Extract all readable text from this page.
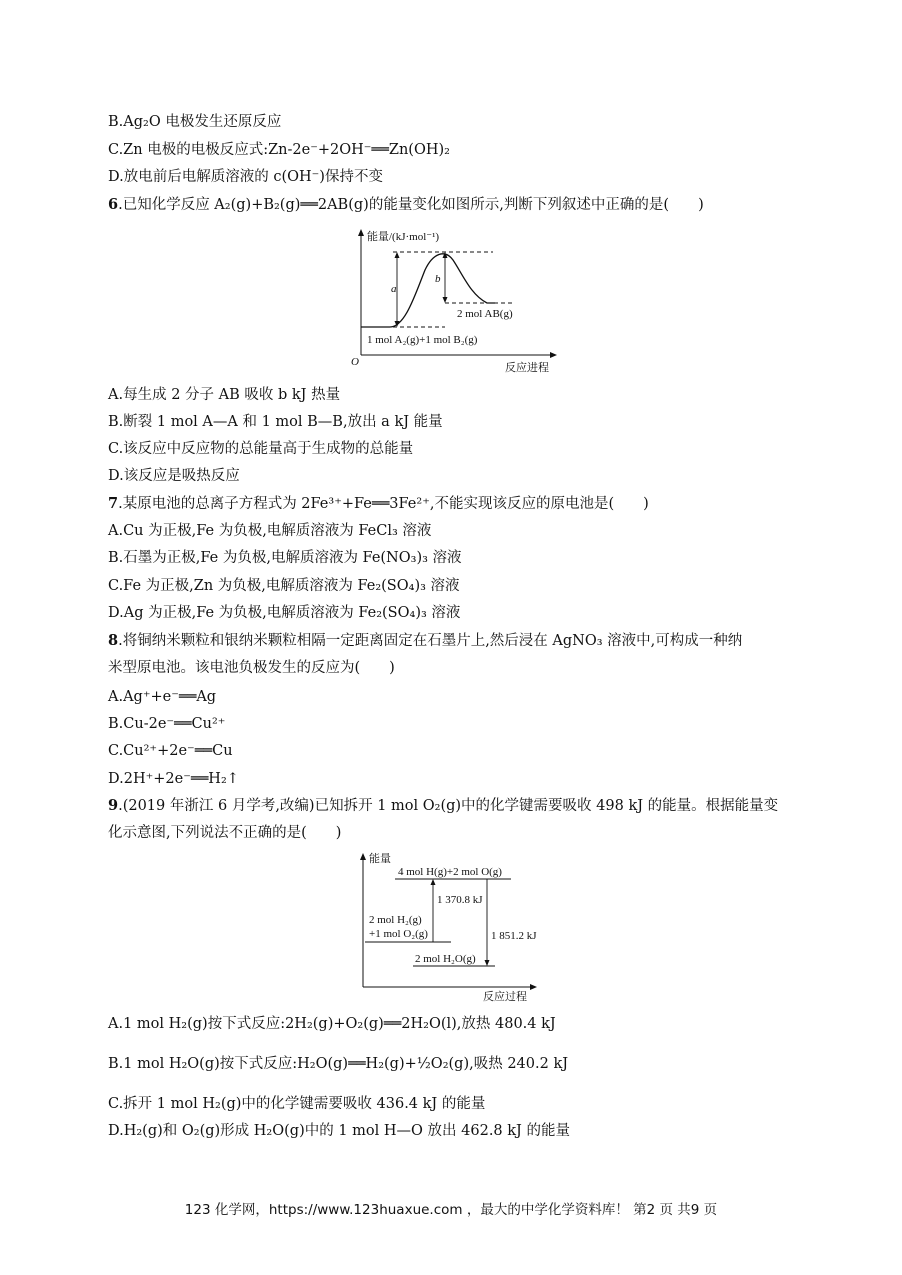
B.Ag₂O 电极发生还原反应
C.Zn 电极的电极反应式:Zn-2e⁻+2OH⁻══Zn(OH)₂
D.放电前后电解质溶液的 c(OH⁻)保持不变
6.已知化学反应 A₂(g)+B₂(g)══2AB(g)的能量变化如图所示,判断下列叙述中正确的是(　　)
能量/(kJ·mol⁻¹)
O	反应进程
a
b
2 mol AB(g)
1 mol A₂(g)+1 mol B₂(g)
A.每生成 2 分子 AB 吸收 b kJ 热量
B.断裂 1 mol A—A 和 1 mol B—B,放出 a kJ 能量
C.该反应中反应物的总能量高于生成物的总能量
D.该反应是吸热反应
7.某原电池的总离子方程式为 2Fe³⁺+Fe══3Fe²⁺,不能实现该反应的原电池是(　　)
A.Cu 为正极,Fe 为负极,电解质溶液为 FeCl₃ 溶液
B.石墨为正极,Fe 为负极,电解质溶液为 Fe(NO₃)₃ 溶液
C.Fe 为正极,Zn 为负极,电解质溶液为 Fe₂(SO₄)₃ 溶液
D.Ag 为正极,Fe 为负极,电解质溶液为 Fe₂(SO₄)₃ 溶液
8.将铜纳米颗粒和银纳米颗粒相隔一定距离固定在石墨片上,然后浸在 AgNO₃ 溶液中,可构成一种纳
米型原电池。该电池负极发生的反应为(　　)
A.Ag⁺+e⁻══Ag
B.Cu-2e⁻══Cu²⁺
C.Cu²⁺+2e⁻══Cu
D.2H⁺+2e⁻══H₂↑
9.(2019 年浙江 6 月学考,改编)已知拆开 1 mol O₂(g)中的化学键需要吸收 498 kJ 的能量。根据能量变
化示意图,下列说法不正确的是(　　)
能量
反应过程
4 mol H(g)+2 mol O(g)
2 mol H₂(g)
+1 mol O₂(g)
2 mol H₂O(g)
1 370.8 kJ
1 851.2 kJ
A.1 mol H₂(g)按下式反应:2H₂(g)+O₂(g)══2H₂O(l),放热 480.4 kJ
B.1 mol H₂O(g)按下式反应:H₂O(g)══H₂(g)+½O₂(g),吸热 240.2 kJ
C.拆开 1 mol H₂(g)中的化学键需要吸收 436.4 kJ 的能量
D.H₂(g)和 O₂(g)形成 H₂O(g)中的 1 mol H—O 放出 462.8 kJ 的能量
123 化学网，https://www.123huaxue.com ，最大的中学化学资料库！ 第2 页 共9 页
